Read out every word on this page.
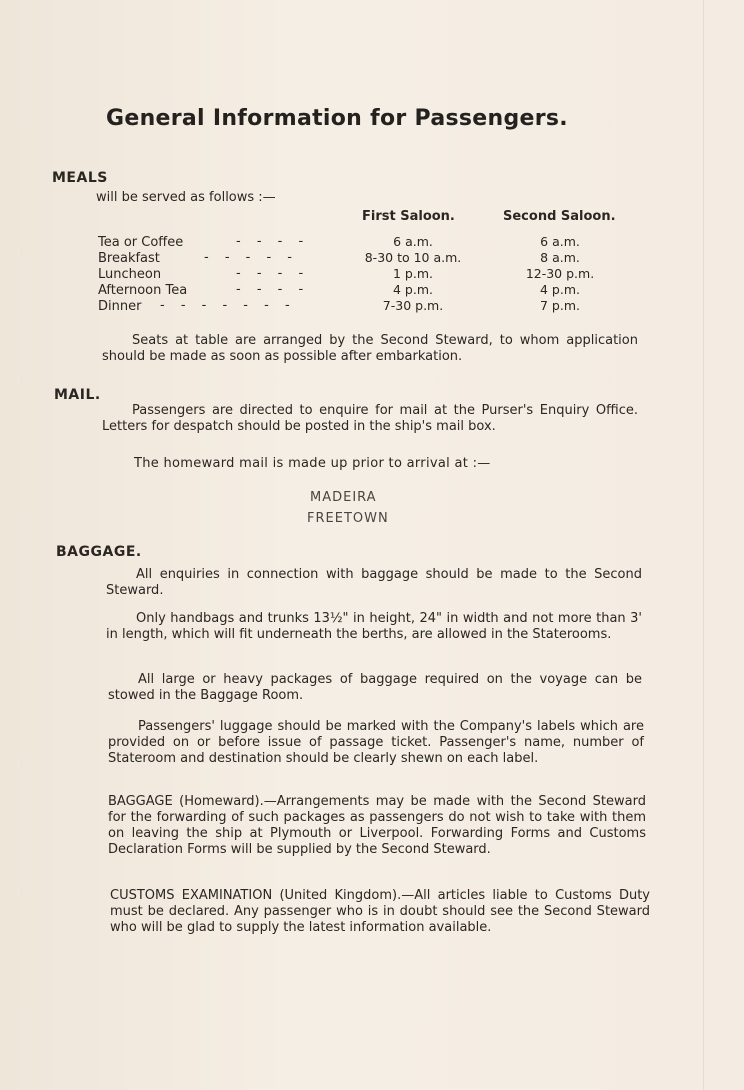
General Information for Passengers.
MEALS
will be served as follows :—
First Saloon.	Second Saloon.
Tea or Coffee	- - - -	6 a.m.	6 a.m.
Breakfast	- - - - -	8-30 to 10 a.m.	8 a.m.
Luncheon	- - - -	1 p.m.	12-30 p.m.
Afternoon Tea	- - - -	4 p.m.	4 p.m.
Dinner - - - - - - -	7-30 p.m.	7 p.m.

Seats at table are arranged by the Second Steward, to whom application should be made as soon as possible after embarkation.

MAIL.

Passengers are directed to enquire for mail at the Purser's Enquiry Office. Letters for despatch should be posted in the ship's mail box.

The homeward mail is made up prior to arrival at :—
MADEIRA
FREETOWN
BAGGAGE.

All enquiries in connection with baggage should be made to the Second Steward.

Only handbags and trunks 13½" in height, 24" in width and not more than 3' in length, which will fit underneath the berths, are allowed in the Staterooms.

All large or heavy packages of baggage required on the voyage can be stowed in the Baggage Room.

Passengers' luggage should be marked with the Company's labels which are provided on or before issue of passage ticket. Passenger's name, number of Stateroom and destination should be clearly shewn on each label.

BAGGAGE (Homeward).—Arrangements may be made with the Second Steward for the forwarding of such packages as passengers do not wish to take with them on leaving the ship at Plymouth or Liverpool. Forwarding Forms and Customs Declaration Forms will be supplied by the Second Steward.

CUSTOMS EXAMINATION (United Kingdom).—All articles liable to Customs Duty must be declared. Any passenger who is in doubt should see the Second Steward who will be glad to supply the latest information available.
